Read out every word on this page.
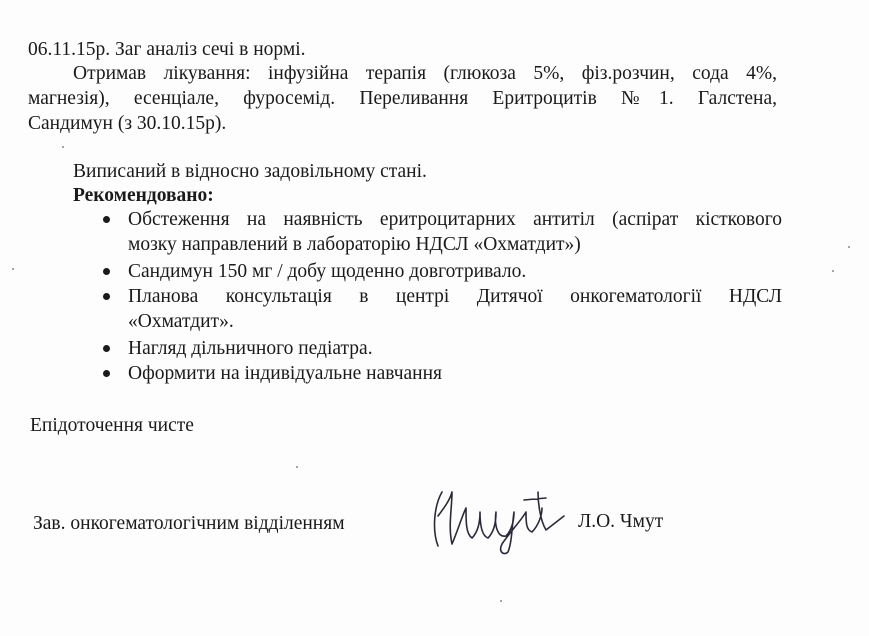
06.11.15р. Заг аналіз сечі в нормі.
Отримав лікування: інфузійна терапія (глюкоза 5%, фіз.розчин, сода 4%,
магнезія), есенціале, фуросемід. Переливання Еритроцитів №1. Галстена,
Сандимун (з 30.10.15р).
Виписаний в відносно задовільному стані.
Рекомендовано:
Обстеження на наявність еритроцитарних антитіл (аспірат кісткового
мозку направлений в лабораторію НДСЛ «Охматдит»)
Сандимун 150 мг / добу щоденно довготривало.
Планова консультація в центрі Дитячої онкогематології НДСЛ
«Охматдит».
Нагляд дільничного педіатра.
Оформити на індивідуальне навчання
Епідоточення чисте
Зав. онкогематологічним відділенням	Л.О. Чмут
